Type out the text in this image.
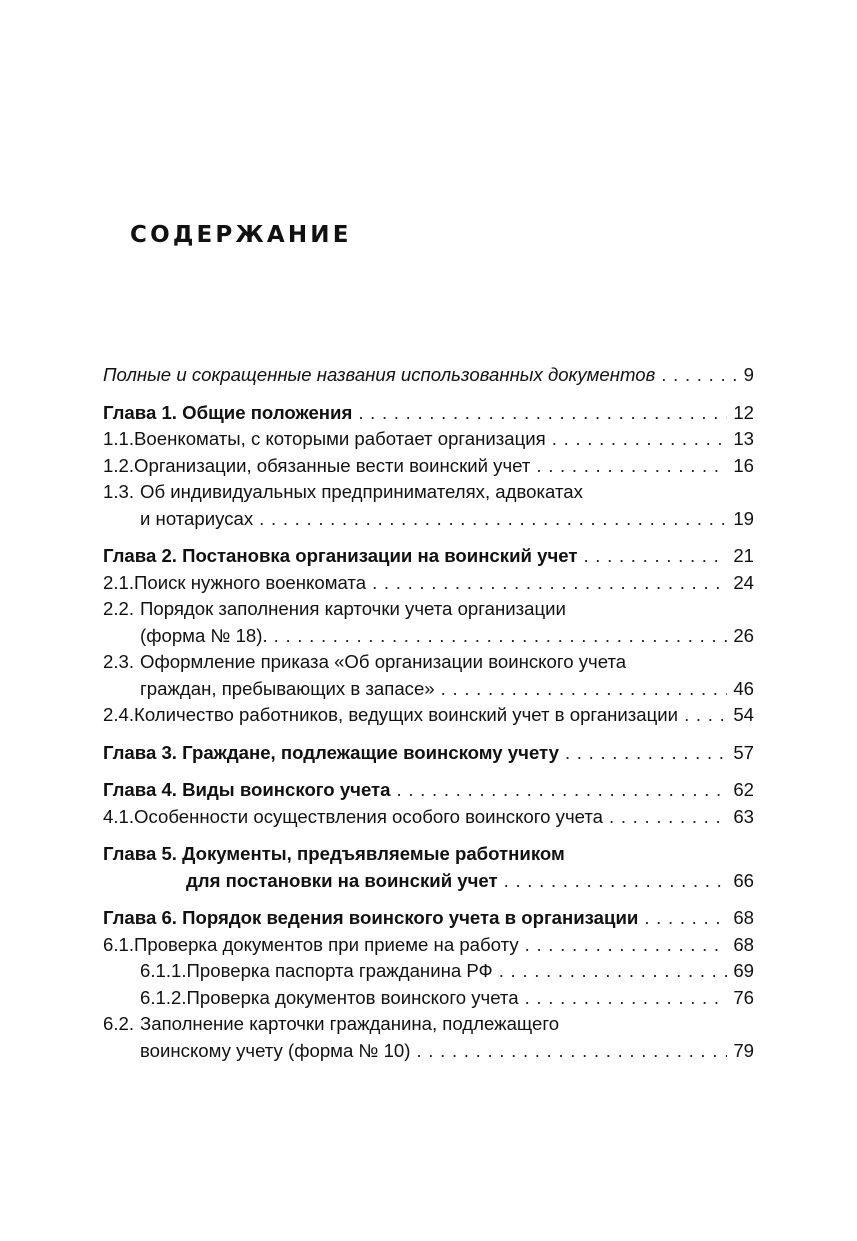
СОДЕРЖАНИЕ
Полные и сокращенные названия использованных документов . . .	9
Глава 1. Общие положения . . .	12
1.1. Военкоматы, с которыми работает организация . . .	13
1.2. Организации, обязанные вести воинский учет . . .	16
1.3. Об индивидуальных предпринимателях, адвокатах
и нотариусах . . .	19
Глава 2. Постановка организации на воинский учет . . .	21
2.1. Поиск нужного военкомата . . .	24
2.2. Порядок заполнения карточки учета организации
(форма № 18). . . .	26
2.3. Оформление приказа «Об организации воинского учета
граждан, пребывающих в запасе» . . .	46
2.4. Количество работников, ведущих воинский учет в организации . . .	54
Глава 3. Граждане, подлежащие воинскому учету . . .	57
Глава 4. Виды воинского учета . . .	62
4.1. Особенности осуществления особого воинского учета . . .	63
Глава 5. Документы, предъявляемые работником
для постановки на воинский учет . . .	66
Глава 6. Порядок ведения воинского учета в организации . . .	68
6.1. Проверка документов при приеме на работу . . .	68
6.1.1. Проверка паспорта гражданина РФ . . .	69
6.1.2. Проверка документов воинского учета . . .	76
6.2. Заполнение карточки гражданина, подлежащего
воинскому учету (форма № 10) . . .	79
